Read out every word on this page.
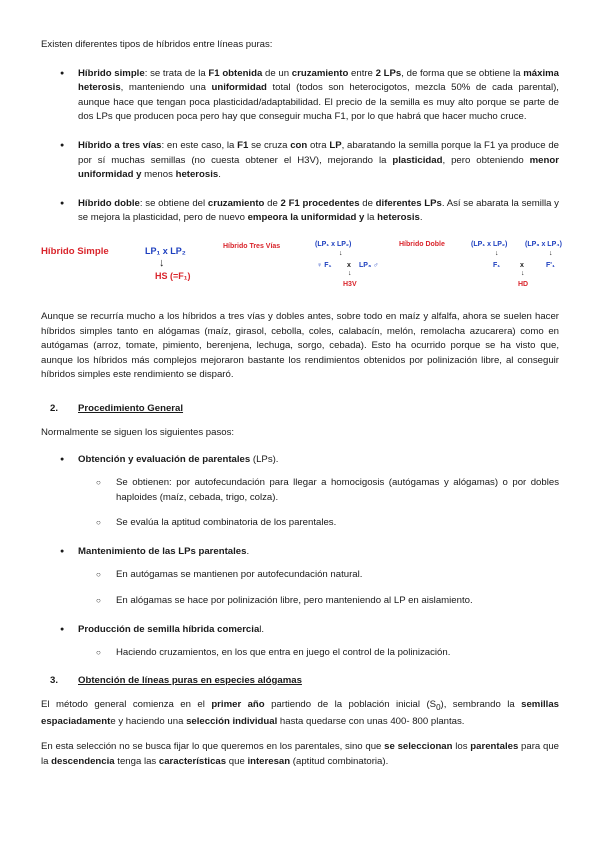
Existen diferentes tipos de híbridos entre líneas puras:

● Híbrido simple: se trata de la F1 obtenida de un cruzamiento entre 2 LPs, de forma que se obtiene la máxima heterosis, manteniendo una uniformidad total (todos son heterocigotos, mezcla 50% de cada parental), aunque hace que tengan poca plasticidad/adaptabilidad. El precio de la semilla es muy alto porque se parte de dos LPs que producen poca pero hay que conseguir mucha F1, por lo que habrá que hacer mucho cruce.

● Híbrido a tres vías: en este caso, la F1 se cruza con otra LP, abaratando la semilla porque la F1 ya produce de por sí muchas semillas (no cuesta obtener el H3V), mejorando la plasticidad, pero obteniendo menor uniformidad y menos heterosis.

● Híbrido doble: se obtiene del cruzamiento de 2 F1 procedentes de diferentes LPs. Así se abarata la semilla y se mejora la plasticidad, pero de nuevo empeora la uniformidad y la heterosis.

Híbrido Simple	LP₁ x LP₂
↓
HS (=F₁)
Híbrido Tres Vías	(LP₁ x LP₂)
↓
♀ F₁ x LP₃ ♂
↓
H3V
Híbrido Doble	(LP₁ x LP₂)	(LP₃ x LP₄)
↓	↓
F₁	x	F'₁
↓
HD

Aunque se recurría mucho a los híbridos a tres vías y dobles antes, sobre todo en maíz y alfalfa, ahora se suelen hacer híbridos simples tanto en alógamas (maíz, girasol, cebolla, coles, calabacín, melón, remolacha azucarera) como en autógamas (arroz, tomate, pimiento, berenjena, lechuga, sorgo, cebada). Esto ha ocurrido porque se ha visto que, aunque los híbridos más complejos mejoraron bastante los rendimientos obtenidos por polinización libre, al conseguir híbridos simples este rendimiento se disparó.

2.	Procedimiento General

Normalmente se siguen los siguientes pasos:

● Obtención y evaluación de parentales (LPs).

○ Se obtienen: por autofecundación para llegar a homocigosis (autógamas y alógamas) o por dobles haploides (maíz, cebada, trigo, colza).

○ Se evalúa la aptitud combinatoria de los parentales.

● Mantenimiento de las LPs parentales.

○ En autógamas se mantienen por autofecundación natural.

○ En alógamas se hace por polinización libre, pero manteniendo al LP en aislamiento.

● Producción de semilla híbrida comercial.

○ Haciendo cruzamientos, en los que entra en juego el control de la polinización.

3.	Obtención de líneas puras en especies alógamas

El método general comienza en el primer año partiendo de la población inicial $(S_0)$, sembrando la semillas espaciadamente y haciendo una selección individual hasta quedarse con unas 400- 800 plantas.

En esta selección no se busca fijar lo que queremos en los parentales, sino que se seleccionan los parentales para que la descendencia tenga las características que interesan (aptitud combinatoria).
